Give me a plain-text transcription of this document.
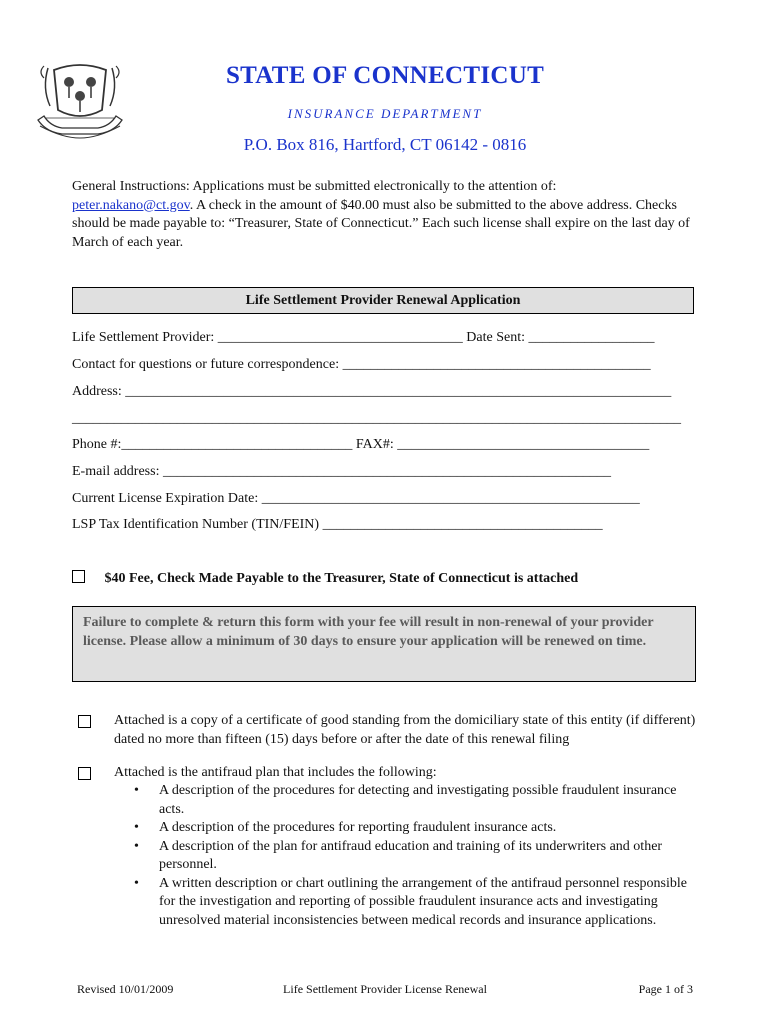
STATE OF CONNECTICUT
INSURANCE DEPARTMENT
P.O. Box 816, Hartford, CT 06142 - 0816
General Instructions: Applications must be submitted electronically to the attention of:
peter.nakano@ct.gov. A check in the amount of $40.00 must also be submitted to the above address. Checks should be made payable to: “Treasurer, State of Connecticut.” Each such license shall expire on the last day of March of each year.
Life Settlement Provider Renewal Application
Life Settlement Provider: ___________________________________ Date Sent: __________________
Contact for questions or future correspondence: ____________________________________________
Address: ______________________________________________________________________________
_______________________________________________________________________________________
Phone #:_________________________________ FAX#: ____________________________________
E-mail address: ________________________________________________________________
Current License Expiration Date: ______________________________________________________
LSP Tax Identification Number (TIN/FEIN) ________________________________________
$40 Fee, Check Made Payable to the Treasurer, State of Connecticut is attached
Failure to complete & return this form with your fee will result in non-renewal of your provider license. Please allow a minimum of 30 days to ensure your application will be renewed on time.
Attached is a copy of a certificate of good standing from the domiciliary state of this entity (if different) dated no more than fifteen (15) days before or after the date of this renewal filing
Attached is the antifraud plan that includes the following:
• A description of the procedures for detecting and investigating possible fraudulent insurance acts.
• A description of the procedures for reporting fraudulent insurance acts.
• A description of the plan for antifraud education and training of its underwriters and other personnel.
• A written description or chart outlining the arrangement of the antifraud personnel responsible for the investigation and reporting of possible fraudulent insurance acts and investigating unresolved material inconsistencies between medical records and insurance applications.
Revised 10/01/2009	Life Settlement Provider License Renewal	Page 1 of 3
